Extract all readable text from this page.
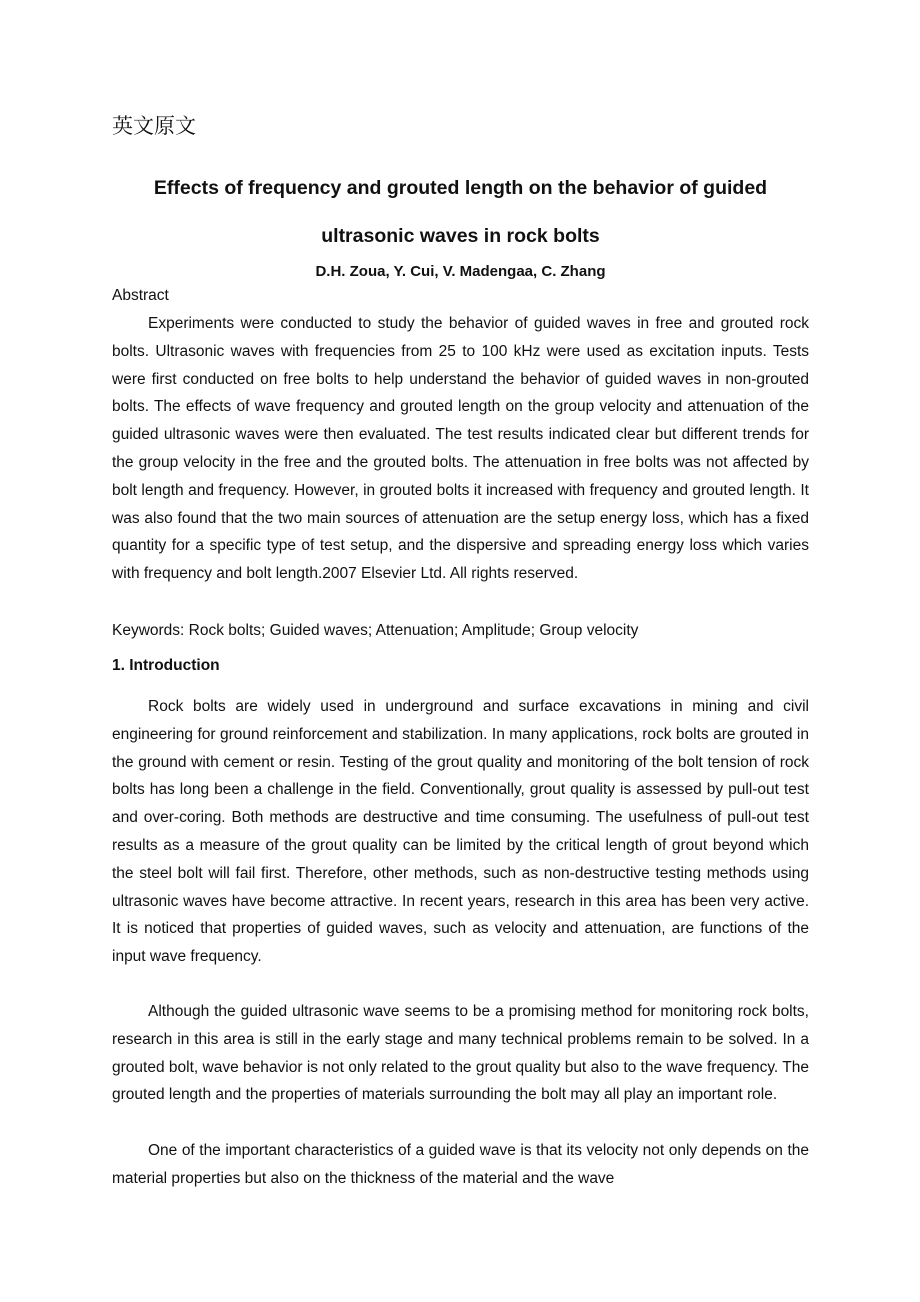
英文原文
Effects of frequency and grouted length on the behavior of guided
ultrasonic waves in rock bolts
D.H. Zoua, Y. Cui, V. Madengaa, C. Zhang
Abstract

Experiments were conducted to study the behavior of guided waves in free and grouted rock bolts. Ultrasonic waves with frequencies from 25 to 100 kHz were used as excitation inputs. Tests were first conducted on free bolts to help understand the behavior of guided waves in non-grouted bolts. The effects of wave frequency and grouted length on the group velocity and attenuation of the guided ultrasonic waves were then evaluated. The test results indicated clear but different trends for the group velocity in the free and the grouted bolts. The attenuation in free bolts was not affected by bolt length and frequency. However, in grouted bolts it increased with frequency and grouted length. It was also found that the two main sources of attenuation are the setup energy loss, which has a fixed quantity for a specific type of test setup, and the dispersive and spreading energy loss which varies with frequency and bolt length.2007 Elsevier Ltd. All rights reserved.

Keywords: Rock bolts; Guided waves; Attenuation; Amplitude; Group velocity
1. Introduction

Rock bolts are widely used in underground and surface excavations in mining and civil engineering for ground reinforcement and stabilization. In many applications, rock bolts are grouted in the ground with cement or resin. Testing of the grout quality and monitoring of the bolt tension of rock bolts has long been a challenge in the field. Conventionally, grout quality is assessed by pull-out test and over-coring. Both methods are destructive and time consuming. The usefulness of pull-out test results as a measure of the grout quality can be limited by the critical length of grout beyond which the steel bolt will fail first. Therefore, other methods, such as non-destructive testing methods using ultrasonic waves have become attractive. In recent years, research in this area has been very active. It is noticed that properties of guided waves, such as velocity and attenuation, are functions of the input wave frequency.

Although the guided ultrasonic wave seems to be a promising method for monitoring rock bolts, research in this area is still in the early stage and many technical problems remain to be solved. In a grouted bolt, wave behavior is not only related to the grout quality but also to the wave frequency. The grouted length and the properties of materials surrounding the bolt may all play an important role.

One of the important characteristics of a guided wave is that its velocity not only depends on the material properties but also on the thickness of the material and the wave
